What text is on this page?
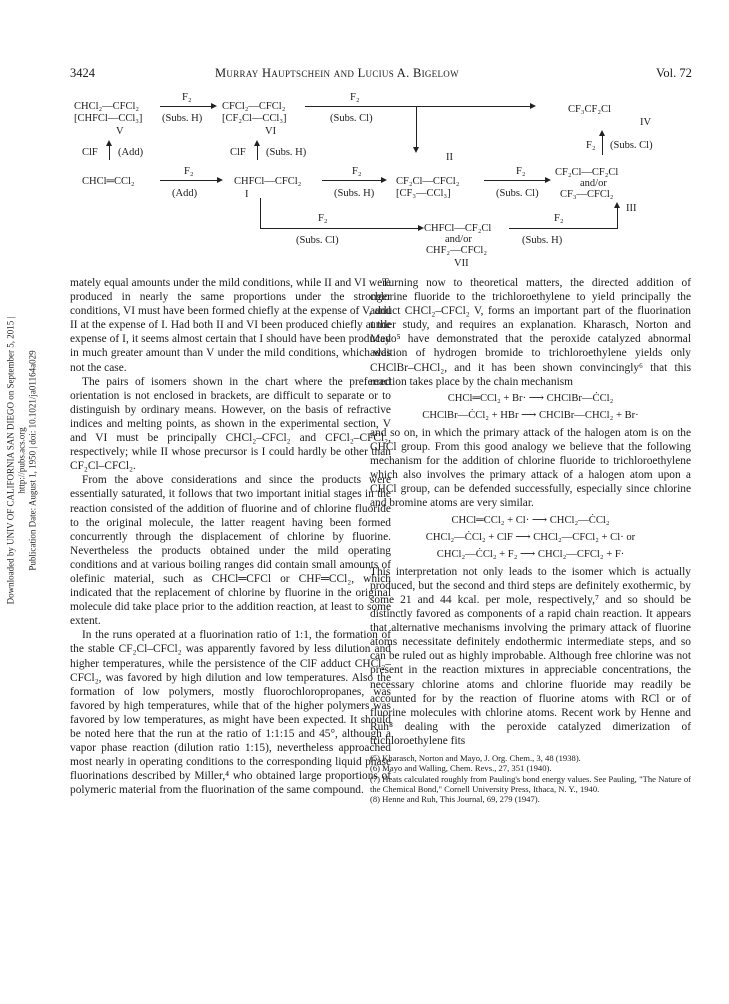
Downloaded by UNIV OF CALIFORNIA SAN DIEGO on September 5, 2015 | http://pubs.acs.org Publication Date: August 1, 1950 | doi: 10.1021/ja01164a029
3424	Murray Hauptschein and Lucius A. Bigelow	Vol. 72
CHCl₂—CFCl₂
[CHFCl—CCl₃]
V
F₂
(Subs. H)
CFCl₂—CFCl₂
[CF₂Cl—CCl₃]
VI
F₂
(Subs. Cl)
II
CF₃CF₂Cl
IV
ClF (Add)	ClF (Subs. H)
F₂ (Subs. Cl)
CHCl═CCl₂
F₂
(Add)
CHFCl—CFCl₂
I
F₂
(Subs. H)
CF₂Cl—CFCl₂
[CF₃—CCl₃]
F₂
(Subs. Cl)
CF₂Cl—CF₂Cl
and/or
CF₃—CFCl₂
III
F₂
(Subs. Cl)
CHFCl—CF₂Cl
and/or
CHF₂—CFCl₂
VII
F₂
(Subs. H)

mately equal amounts under the mild conditions, while II and VI were produced in nearly the same proportions under the stronger conditions, VI must have been formed chiefly at the expense of V, and II at the expense of I. Had both II and VI been produced chiefly at the expense of I, it seems almost certain that I should have been produced in much greater amount than V under the mild conditions, which was not the case.

The pairs of isomers shown in the chart where the preferred orientation is not enclosed in brackets, are difficult to separate or to distinguish by ordinary means. However, on the basis of refractive indices and melting points, as shown in the experimental section, V and VI must be principally CHCl₂–CFCl₂ and CFCl₂–CFCl₂, respectively; while II whose precursor is I could hardly be other than CF₂Cl–CFCl₂.

From the above considerations and since the products were essentially saturated, it follows that two important initial stages in the reaction consisted of the addition of fluorine and of chlorine fluoride to the original molecule, the latter reagent having been formed concurrently through the displacement of chlorine by fluorine. Nevertheless the products obtained under the mild operating conditions and at various boiling ranges did contain small amounts of olefinic material, such as CHCl═CFCl or CHF═CCl₂, which indicated that the replacement of chlorine by fluorine in the original molecule did take place prior to the addition reaction, at least to some extent.

In the runs operated at a fluorination ratio of 1:1, the formation of the stable CF₂Cl–CFCl₂ was apparently favored by less dilution and higher temperatures, while the persistence of the ClF adduct CHCl₂–CFCl₂, was favored by high dilution and low temperatures. Also the formation of low polymers, mostly fluorochloropropanes, was favored by high temperatures, while that of the higher polymers was favored by low temperatures, as might have been expected. It should be noted here that the run at the ratio of 1:1:15 and 45°, although a vapor phase reaction (dilution ratio 1:15), nevertheless approached most nearly in operating conditions to the corresponding liquid phase fluorinations described by Miller,⁴ who obtained large proportions of polymeric material from the fluorination of the same compound.

Turning now to theoretical matters, the directed addition of chlorine fluoride to the trichloroethylene to yield principally the adduct CHCl₂–CFCl₂ V, forms an important part of the fluorination under study, and requires an explanation. Kharasch, Norton and Mayo⁵ have demonstrated that the peroxide catalyzed abnormal addition of hydrogen bromide to trichloroethylene yields only CHClBr–CHCl₂, and it has been shown convincingly⁶ that this reaction takes place by the chain mechanism

CHCl═CCl₂ + Br· ⟶ CHClBr—ĊCl₂
CHClBr—ĊCl₂ + HBr ⟶ CHClBr—CHCl₂ + Br·

and so on, in which the primary attack of the halogen atom is on the CHCl group. From this good analogy we believe that the following mechanism for the addition of chlorine fluoride to trichloroethylene which also involves the primary attack of a halogen atom upon a CHCl group, can be defended successfully, especially since chlorine and bromine atoms are very similar.

CHCl═CCl₂ + Cl· ⟶ CHCl₂—ĊCl₂
CHCl₂—ĊCl₂ + ClF ⟶ CHCl₂—CFCl₂ + Cl· or
CHCl₂—ĊCl₂ + F₂ ⟶ CHCl₂—CFCl₂ + F·

This interpretation not only leads to the isomer which is actually produced, but the second and third steps are definitely exothermic, by some 21 and 44 kcal. per mole, respectively,⁷ and so should be distinctly favored as components of a rapid chain reaction. It appears that alternative mechanisms involving the primary attack of fluorine atoms necessitate definitely endothermic intermediate steps, and so can be ruled out as highly improbable. Although free chlorine was not present in the reaction mixtures in appreciable concentrations, the necessary chlorine atoms and chlorine fluoride may readily be accounted for by the reaction of fluorine atoms with RCl or of fluorine molecules with chlorine atoms. Recent work by Henne and Ruh⁸ dealing with the peroxide catalyzed dimerization of trichloroethylene fits

(5) Kharasch, Norton and Mayo, J. Org. Chem., 3, 48 (1938).
(6) Mayo and Walling, Chem. Revs., 27, 351 (1940).
(7) Heats calculated roughly from Pauling's bond energy values. See Pauling, "The Nature of the Chemical Bond," Cornell University Press, Ithaca, N. Y., 1940.
(8) Henne and Ruh, This Journal, 69, 279 (1947).
